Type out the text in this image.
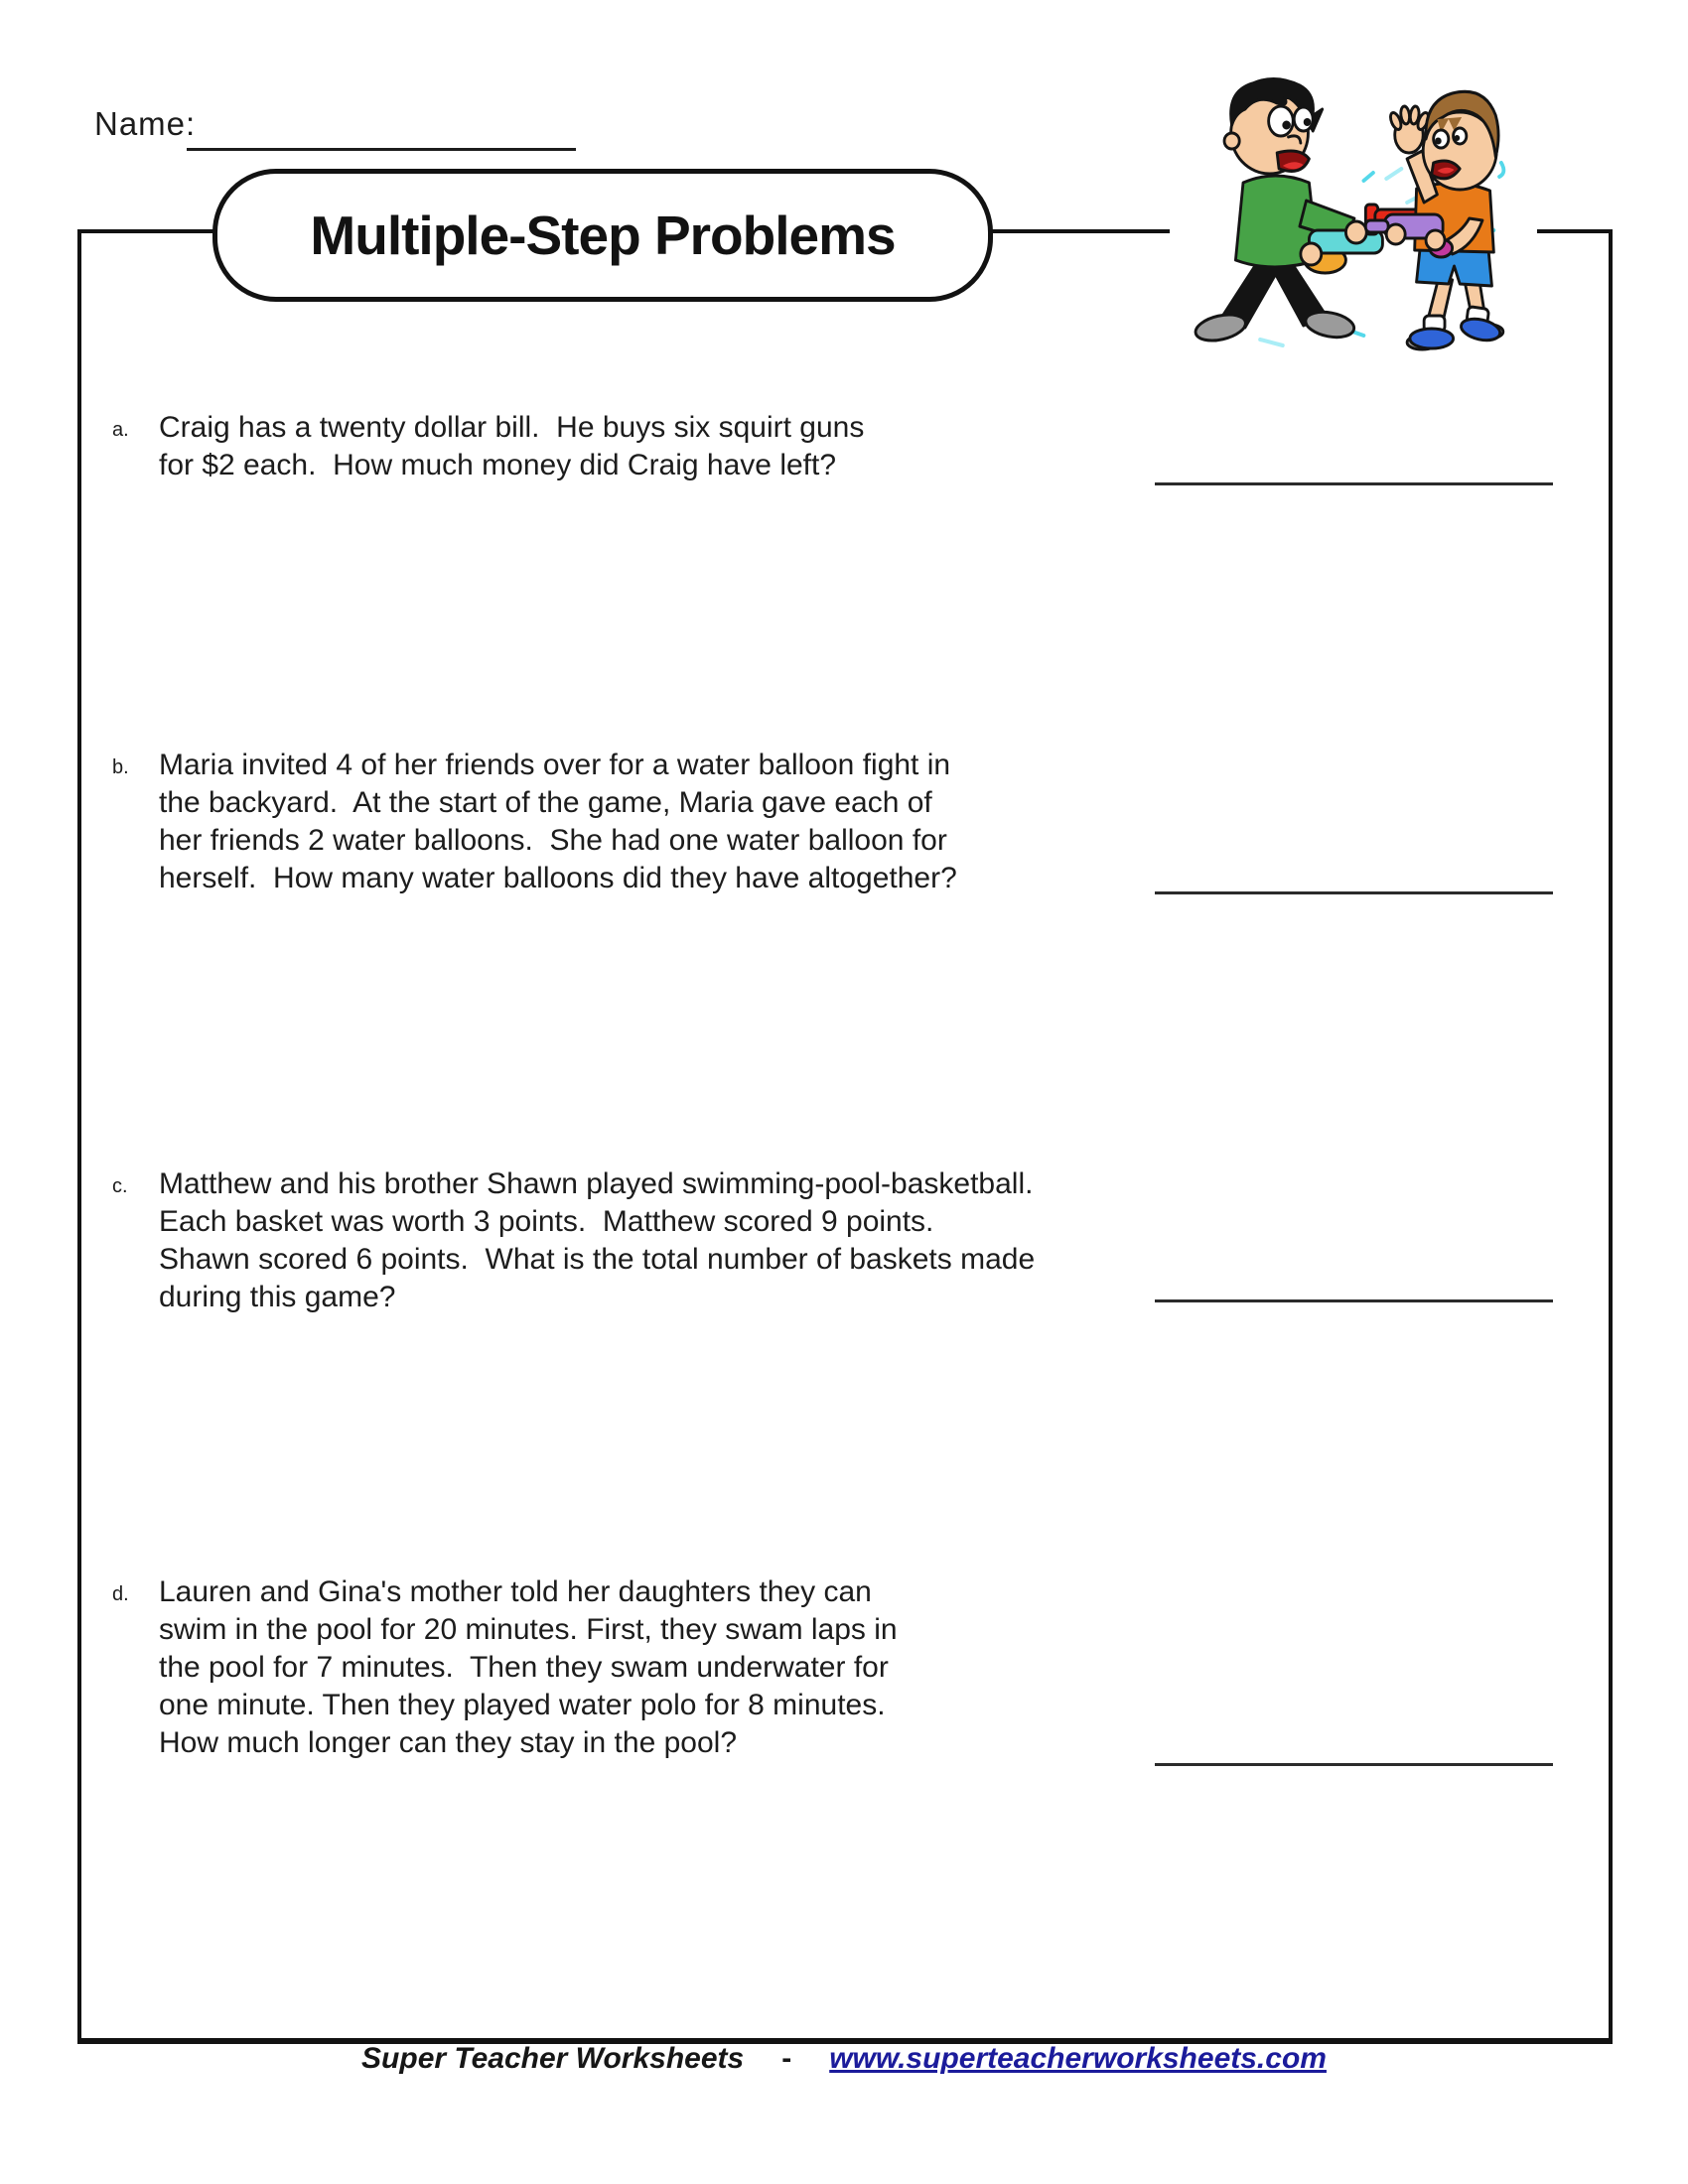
Name:
Multiple-Step Problems
a. Craig has a twenty dollar bill.  He buys six squirt guns
for $2 each.  How much money did Craig have left?
b. Maria invited 4 of her friends over for a water balloon fight in
the backyard.  At the start of the game, Maria gave each of
her friends 2 water balloons.  She had one water balloon for
herself.  How many water balloons did they have altogether?
c. Matthew and his brother Shawn played swimming-pool-basketball.
Each basket was worth 3 points.  Matthew scored 9 points.
Shawn scored 6 points.  What is the total number of baskets made
during this game?
d. Lauren and Gina's mother told her daughters they can
swim in the pool for 20 minutes. First, they swam laps in
the pool for 7 minutes.  Then they swam underwater for
one minute. Then they played water polo for 8 minutes.
How much longer can they stay in the pool?
Super Teacher Worksheets - www.superteacherworksheets.com
